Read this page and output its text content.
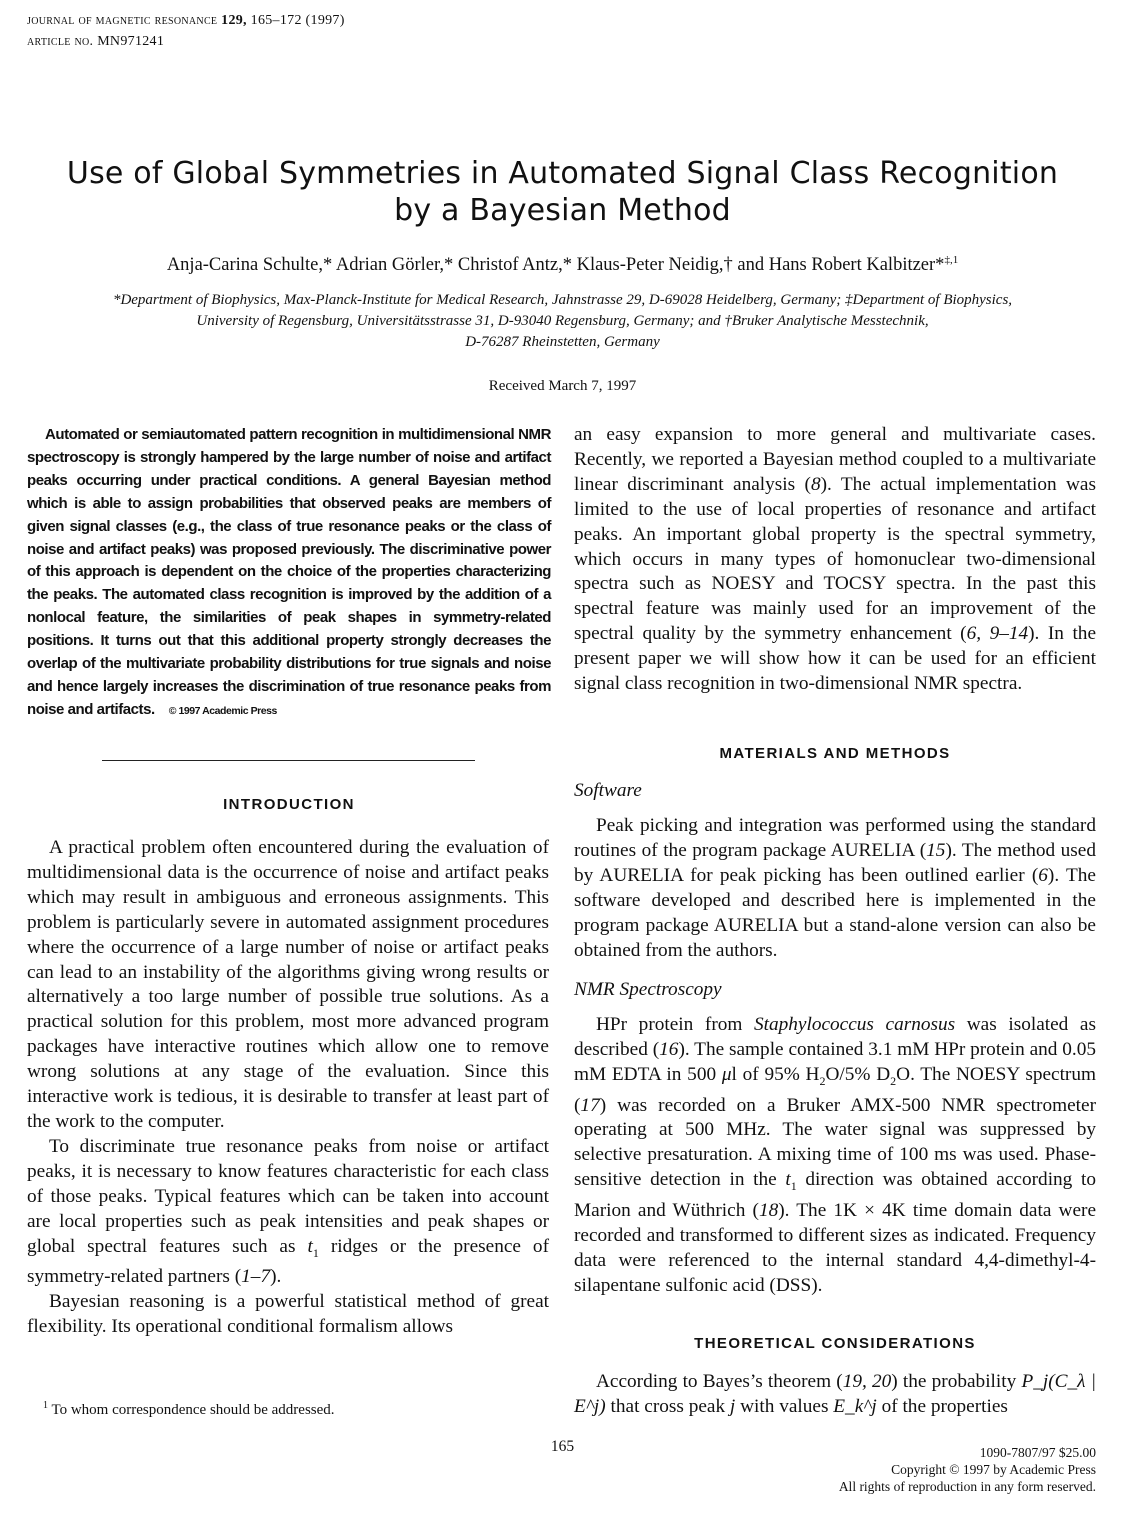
journal of magnetic resonance 129, 165–172 (1997)
article no. MN971241
Use of Global Symmetries in Automated Signal Class Recognition
by a Bayesian Method
Anja-Carina Schulte,* Adrian Görler,* Christof Antz,* Klaus-Peter Neidig,† and Hans Robert Kalbitzer*$^{\ddagger,1}$
*Department of Biophysics, Max-Planck-Institute for Medical Research, Jahnstrasse 29, D-69028 Heidelberg, Germany; ‡Department of Biophysics,
University of Regensburg, Universitätsstrasse 31, D-93040 Regensburg, Germany; and †Bruker Analytische Messtechnik,
D-76287 Rheinstetten, Germany
Received March 7, 1997
Automated or semiautomated pattern recognition in multidimensional NMR spectroscopy is strongly hampered by the large number of noise and artifact peaks occurring under practical conditions. A general Bayesian method which is able to assign probabilities that observed peaks are members of given signal classes (e.g., the class of true resonance peaks or the class of noise and artifact peaks) was proposed previously. The discriminative power of this approach is dependent on the choice of the properties characterizing the peaks. The automated class recognition is improved by the addition of a nonlocal feature, the similarities of peak shapes in symmetry-related positions. It turns out that this additional property strongly decreases the overlap of the multivariate probability distributions for true signals and noise and hence largely increases the discrimination of true resonance peaks from noise and artifacts. © 1997 Academic Press
INTRODUCTION

A practical problem often encountered during the evaluation of multidimensional data is the occurrence of noise and artifact peaks which may result in ambiguous and erroneous assignments. This problem is particularly severe in automated assignment procedures where the occurrence of a large number of noise or artifact peaks can lead to an instability of the algorithms giving wrong results or alternatively a too large number of possible true solutions. As a practical solution for this problem, most more advanced program packages have interactive routines which allow one to remove wrong solutions at any stage of the evaluation. Since this interactive work is tedious, it is desirable to transfer at least part of the work to the computer.

To discriminate true resonance peaks from noise or artifact peaks, it is necessary to know features characteristic for each class of those peaks. Typical features which can be taken into account are local properties such as peak intensities and peak shapes or global spectral features such as $t_1$ ridges or the presence of symmetry-related partners (1–7).

Bayesian reasoning is a powerful statistical method of great flexibility. Its operational conditional formalism allows

an easy expansion to more general and multivariate cases. Recently, we reported a Bayesian method coupled to a multivariate linear discriminant analysis (8). The actual implementation was limited to the use of local properties of resonance and artifact peaks. An important global property is the spectral symmetry, which occurs in many types of homonuclear two-dimensional spectra such as NOESY and TOCSY spectra. In the past this spectral feature was mainly used for an improvement of the spectral quality by the symmetry enhancement (6, 9–14). In the present paper we will show how it can be used for an efficient signal class recognition in two-dimensional NMR spectra.

MATERIALS AND METHODS
Software

Peak picking and integration was performed using the standard routines of the program package AURELIA (15). The method used by AURELIA for peak picking has been outlined earlier (6). The software developed and described here is implemented in the program package AURELIA but a stand-alone version can also be obtained from the authors.

NMR Spectroscopy

HPr protein from Staphylococcus carnosus was isolated as described (16). The sample contained 3.1 mM HPr protein and 0.05 mM EDTA in 500 μl of 95% $H_2O/5\%$ $D_2O$. The NOESY spectrum (17) was recorded on a Bruker AMX-500 NMR spectrometer operating at 500 MHz. The water signal was suppressed by selective presaturation. A mixing time of 100 ms was used. Phase-sensitive detection in the $t_1$ direction was obtained according to Marion and Wüthrich (18). The 1K × 4K time domain data were recorded and transformed to different sizes as indicated. Frequency data were referenced to the internal standard 4,4-dimethyl-4-silapentane sulfonic acid (DSS).

THEORETICAL CONSIDERATIONS

According to Bayes’s theorem (19, 20) the probability P_j(C_λ | E^j) that cross peak j with values E_k^j of the properties

$^1$ To whom correspondence should be addressed.
165	1090-7807/97 $25.00
Copyright © 1997 by Academic Press
All rights of reproduction in any form reserved.
